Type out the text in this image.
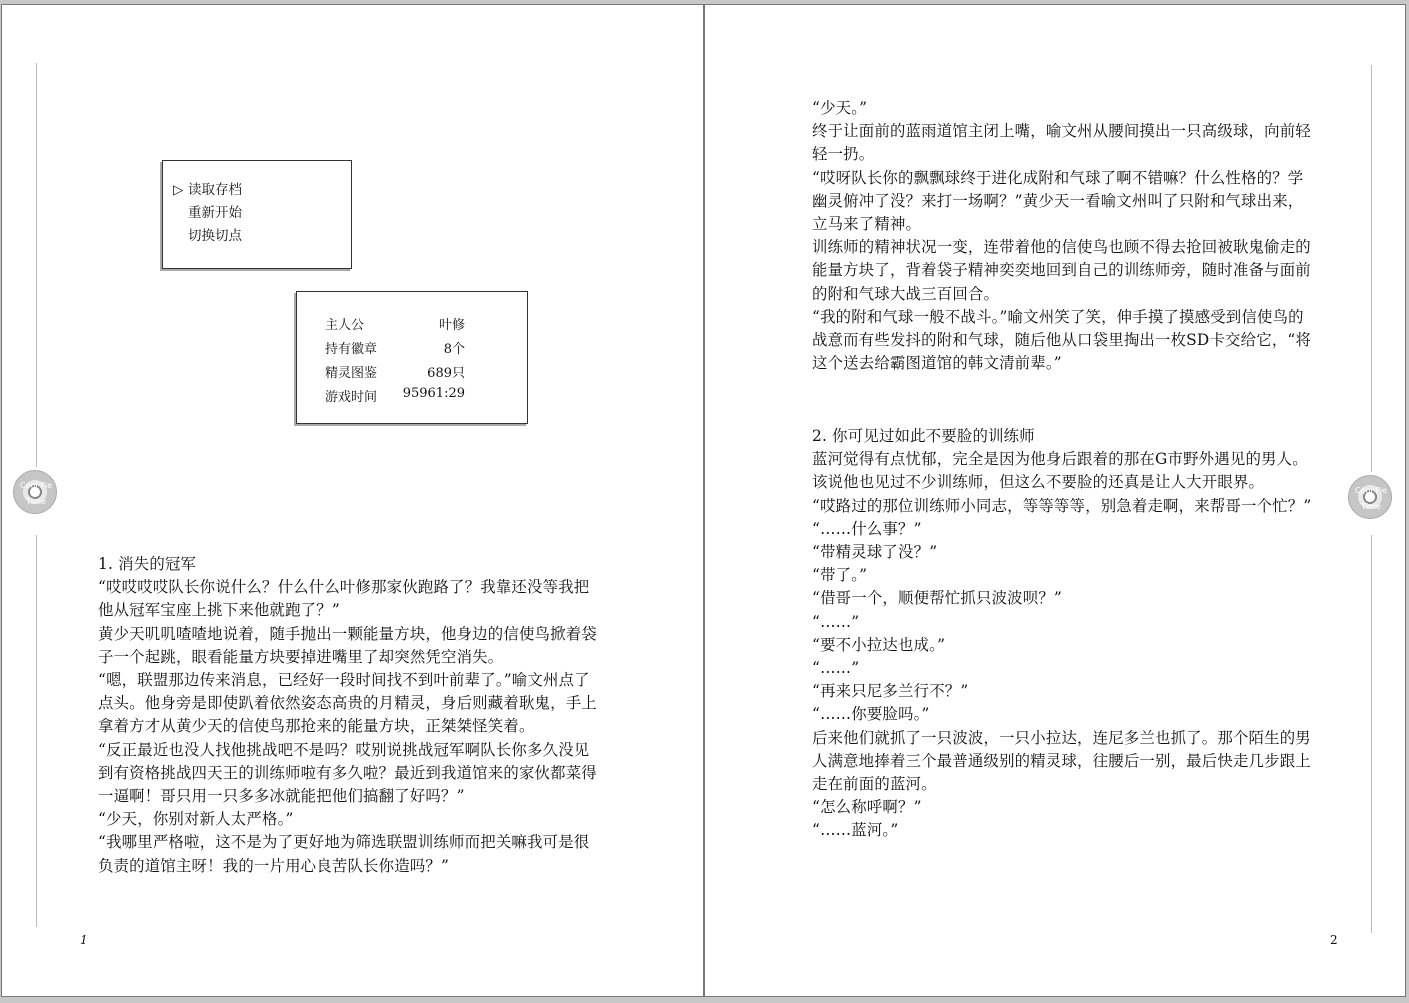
Cool Pie
Time
▷ 读取存档
重新开始
切换切点
主人公	叶修
持有徽章	8个
精灵图鉴	689只
游戏时间 95961:29

1. 消失的冠军

“哎哎哎哎队长你说什么？什么什么叶修那家伙跑路了？我靠还没等我把他从冠军宝座上挑下来他就跑了？”

黄少天叽叽喳喳地说着，随手抛出一颗能量方块，他身边的信使鸟掀着袋子一个起跳，眼看能量方块要掉进嘴里了却突然凭空消失。

“嗯，联盟那边传来消息，已经好一段时间找不到叶前辈了。”喻文州点了点头。他身旁是即使趴着依然姿态高贵的月精灵，身后则藏着耿鬼，手上拿着方才从黄少天的信使鸟那抢来的能量方块，正桀桀怪笑着。

“反正最近也没人找他挑战吧不是吗？哎别说挑战冠军啊队长你多久没见到有资格挑战四天王的训练师啦有多久啦？最近到我道馆来的家伙都菜得一逼啊！哥只用一只多多冰就能把他们搞翻了好吗？”

“少天，你别对新人太严格。”

“我哪里严格啦，这不是为了更好地为筛选联盟训练师而把关嘛我可是很负责的道馆主呀！我的一片用心良苦队长你造吗？”

1
Cool Pie
Time

“少天。”

终于让面前的蓝雨道馆主闭上嘴，喻文州从腰间摸出一只高级球，向前轻轻一扔。

“哎呀队长你的飘飘球终于进化成附和气球了啊不错嘛？什么性格的？学幽灵俯冲了没？来打一场啊？”黄少天一看喻文州叫了只附和气球出来，立马来了精神。

训练师的精神状况一变，连带着他的信使鸟也顾不得去抢回被耿鬼偷走的能量方块了，背着袋子精神奕奕地回到自己的训练师旁，随时准备与面前的附和气球大战三百回合。

“我的附和气球一般不战斗。”喻文州笑了笑，伸手摸了摸感受到信使鸟的战意而有些发抖的附和气球，随后他从口袋里掏出一枚SD卡交给它，“将这个送去给霸图道馆的韩文清前辈。”

2. 你可见过如此不要脸的训练师

蓝河觉得有点忧郁，完全是因为他身后跟着的那在G市野外遇见的男人。

该说他也见过不少训练师，但这么不要脸的还真是让人大开眼界。

“哎路过的那位训练师小同志，等等等等，别急着走啊，来帮哥一个忙？”

“……什么事？”

“带精灵球了没？”

“带了。”

“借哥一个，顺便帮忙抓只波波呗？”

“……”

“要不小拉达也成。”

“……”

“再来只尼多兰行不？”

“……你要脸吗。”

后来他们就抓了一只波波，一只小拉达，连尼多兰也抓了。那个陌生的男人满意地捧着三个最普通级别的精灵球，往腰后一别，最后快走几步跟上走在前面的蓝河。

“怎么称呼啊？”

“……蓝河。”

2
